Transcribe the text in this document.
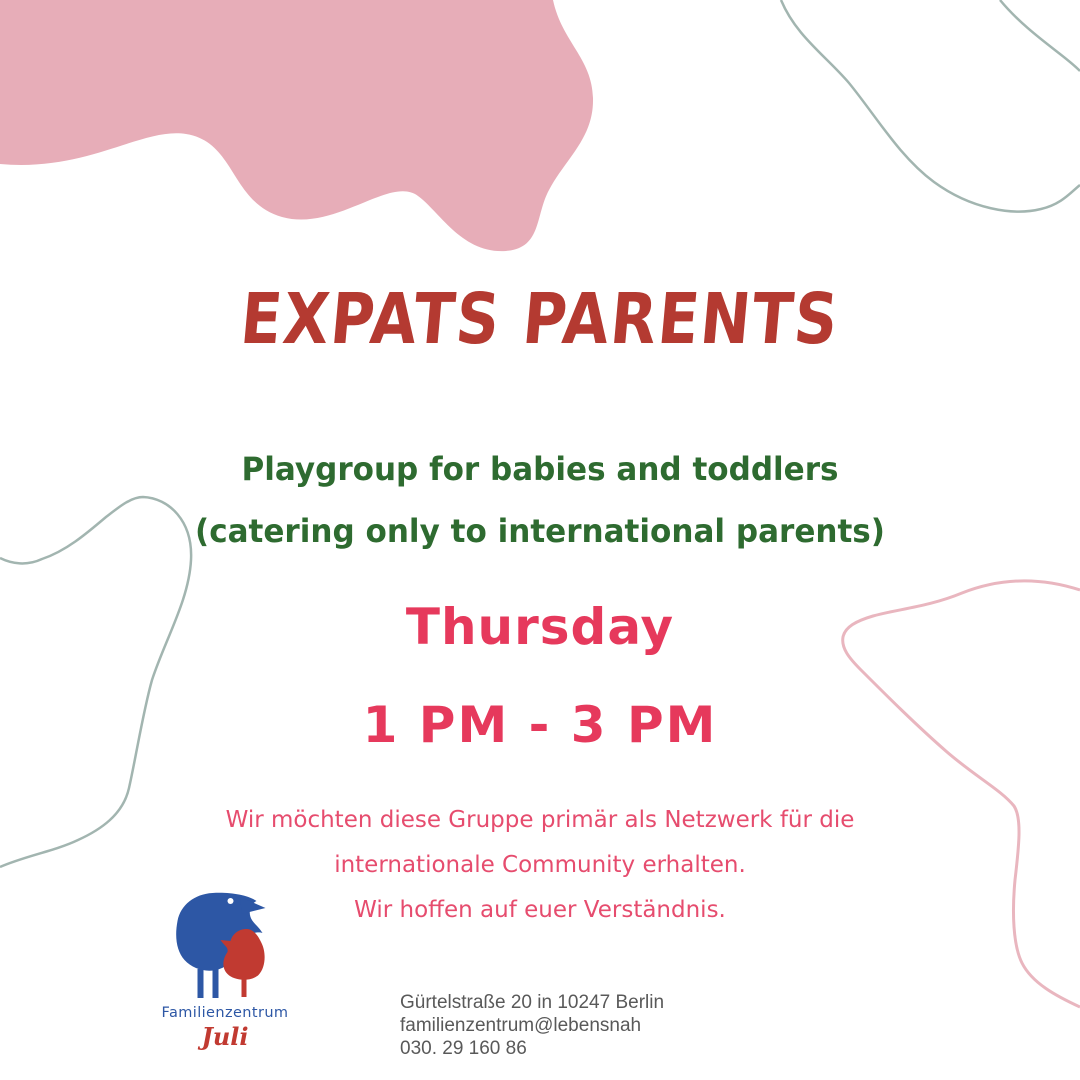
EXPATS PARENTS
Playgroup for babies and toddlers
(catering only to international parents)
Thursday
1 PM - 3 PM
Wir möchten diese Gruppe primär als Netzwerk für die
internationale Community erhalten.
Wir hoffen auf euer Verständnis.
Familienzentrum
Juli
Gürtelstraße 20 in 10247 Berlin
familienzentrum@lebensnah
030. 29 160 86
